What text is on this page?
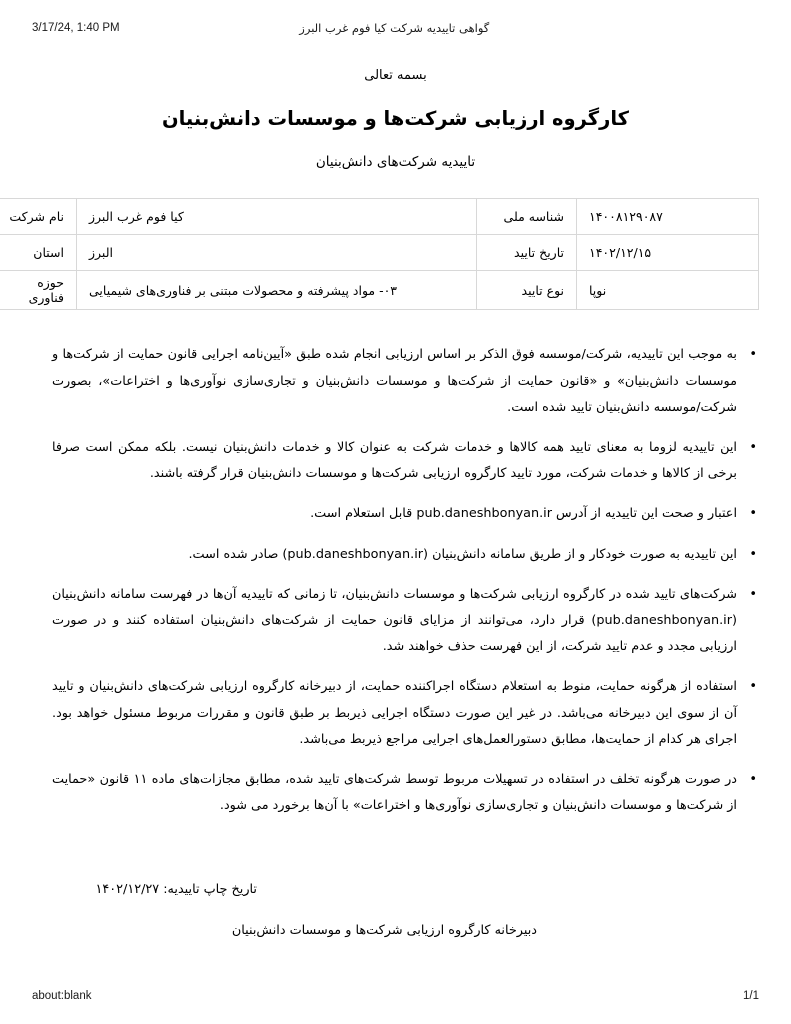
3/17/24, 1:40 PM	گواهی تاییدیه شرکت کیا فوم غرب البرز
بسمه تعالی
کارگروه ارزیابی شرکت‌ها و موسسات دانش‌بنیان
تاییدیه شرکت‌های دانش‌بنیان
۱۴۰۰۸۱۲۹۰۸۷	شناسه ملی	کیا فوم غرب البرز	نام شرکت
۱۴۰۲/۱۲/۱۵	تاریخ تایید	البرز	استان
نوپا	نوع تایید	۰۳- مواد پیشرفته و محصولات مبتنی بر فناوری‌های شیمیایی	حوزه فناوری
• به موجب این تاییدیه، شرکت/موسسه فوق الذکر بر اساس ارزیابی انجام شده طبق «آیین‌نامه اجرایی قانون حمایت از شرکت‌ها و موسسات دانش‌بنیان» و «قانون حمایت از شرکت‌ها و موسسات دانش‌بنیان و تجاری‌سازی نوآوری‌ها و اختراعات»، بصورت شرکت/موسسه دانش‌بنیان تایید شده است.
• این تاییدیه لزوما به معنای تایید همه کالاها و خدمات شرکت به عنوان کالا و خدمات دانش‌بنیان نیست. بلکه ممکن است صرفا برخی از کالاها و خدمات شرکت، مورد تایید کارگروه ارزیابی شرکت‌ها و موسسات دانش‌بنیان قرار گرفته باشند.
• اعتبار و صحت این تاییدیه از آدرس pub.daneshbonyan.ir قابل استعلام است.
• این تاییدیه به صورت خودکار و از طریق سامانه دانش‌بنیان (pub.daneshbonyan.ir) صادر شده است.
• شرکت‌های تایید شده در کارگروه ارزیابی شرکت‌ها و موسسات دانش‌بنیان، تا زمانی که تاییدیه آن‌ها در فهرست سامانه دانش‌بنیان (pub.daneshbonyan.ir) قرار دارد، می‌توانند از مزایای قانون حمایت از شرکت‌های دانش‌بنیان استفاده کنند و در صورت ارزیابی مجدد و عدم تایید شرکت، از این فهرست حذف خواهند شد.
• استفاده از هرگونه حمایت، منوط به استعلام دستگاه اجراکننده حمایت، از دبیرخانه کارگروه ارزیابی شرکت‌های دانش‌بنیان و تایید آن از سوی این دبیرخانه می‌باشد. در غیر این صورت دستگاه اجرایی ذیربط بر طبق قانون و مقررات مربوط مسئول خواهد بود. اجرای هر کدام از حمایت‌ها، مطابق دستورالعمل‌های اجرایی مراجع ذیربط می‌باشد.
• در صورت هرگونه تخلف در استفاده در تسهیلات مربوط توسط شرکت‌های تایید شده، مطابق مجازات‌های ماده ۱۱ قانون «حمایت از شرکت‌ها و موسسات دانش‌بنیان و تجاری‌سازی نوآوری‌ها و اختراعات» با آن‌ها برخورد می شود.
تاریخ چاپ تاییدیه: ۱۴۰۲/۱۲/۲۷
دبیرخانه کارگروه ارزیابی شرکت‌ها و موسسات دانش‌بنیان
about:blank	1/1
